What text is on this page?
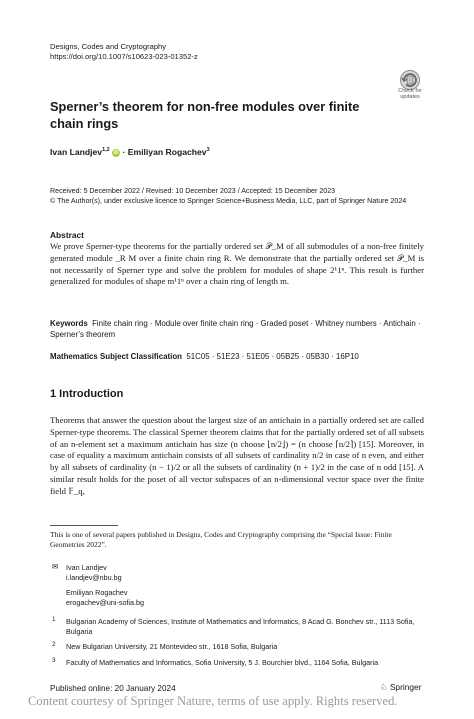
Designs, Codes and Cryptography
https://doi.org/10.1007/s10623-023-01352-z
Check for updates
Sperner’s theorem for non-free modules over finite chain rings
Ivan Landjev$^{1,2}$ iD · Emiliyan Rogachev$^3$
Received: 5 December 2022 / Revised: 10 December 2023 / Accepted: 15 December 2023
© The Author(s), under exclusive licence to Springer Science+Business Media, LLC, part of Springer Nature 2024
Abstract
We prove Sperner-type theorems for the partially ordered set 𝒫_M of all submodules of a non-free finitely generated module _R M over a finite chain ring R. We demonstrate that the partially ordered set 𝒫_M is not necessarily of Sperner type and solve the problem for modules of shape 2¹1ⁿ. This result is further generalized for modules of shape m¹1ⁿ over a chain ring of length m.
Keywords Finite chain ring · Module over finite chain ring · Graded poset · Whitney numbers · Antichain · Sperner’s theorem
Mathematics Subject Classification 51C05 · 51E23 · 51E05 · 05B25 · 05B30 · 16P10
1 Introduction
Theorems that answer the question about the largest size of an antichain in a partially ordered set are called Sperner-type theorems. The classical Sperner theorem claims that for the partially ordered set of all subsets of an n-element set a maximum antichain has size (n choose ⌊n/2⌋) = (n choose ⌈n/2⌉) [15]. Moreover, in case of equality a maximum antichain consists of all subsets of cardinality n/2 in case of n even, and either by all subsets of cardinality (n − 1)/2 or all the subsets of cardinality (n + 1)/2 in the case of n odd [15]. A similar result holds for the poset of all vector subspaces of an n-dimensional vector space over the finite field 𝔽_q,
This is one of several papers published in Designs, Codes and Cryptography comprising the “Special Issue: Finite Geometries 2022”.
✉ Ivan Landjev
i.landjev@nbu.bg
Emiliyan Rogachev
erogachev@uni-sofia.bg
1 Bulgarian Academy of Sciences, Institute of Mathematics and Informatics, 8 Acad G. Bonchev str., 1113 Sofia, Bulgaria
2 New Bulgarian University, 21 Montevideo str., 1618 Sofia, Bulgaria
3 Faculty of Mathematics and Informatics, Sofia University, 5 J. Bourchier blvd., 1164 Sofia, Bulgaria
Published online: 20 January 2024	♘ Springer
Content courtesy of Springer Nature, terms of use apply. Rights reserved.
